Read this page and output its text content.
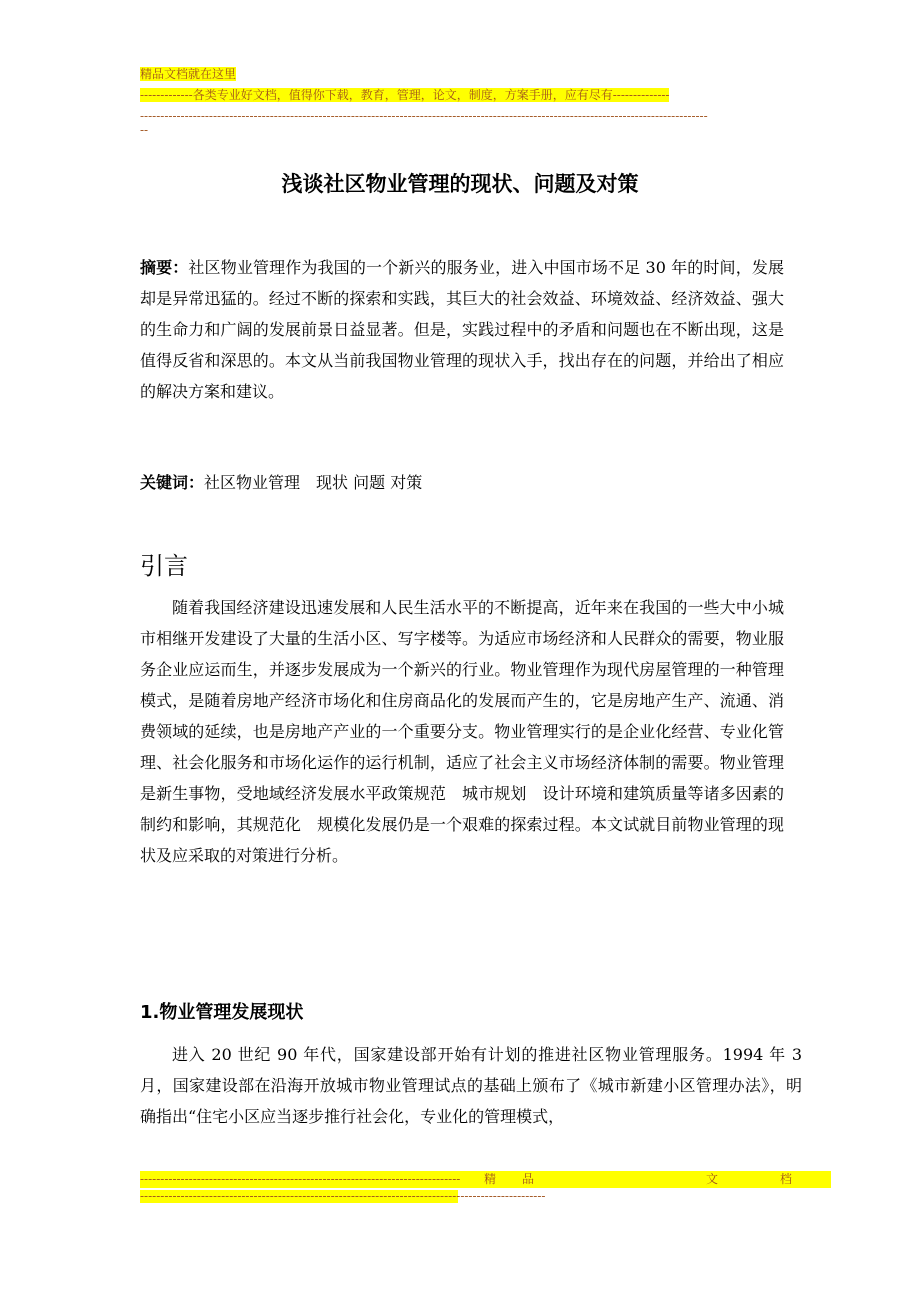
精品文档就在这里
-------------各类专业好文档，值得你下载，教育，管理，论文，制度，方案手册，应有尽有--------------
--------------------------------------------------------------------------------------------------------------------------------------------
--
浅谈社区物业管理的现状、问题及对策

摘要：社区物业管理作为我国的一个新兴的服务业，进入中国市场不足 30 年的时间，发展却是异常迅猛的。经过不断的探索和实践，其巨大的社会效益、环境效益、经济效益、强大的生命力和广阔的发展前景日益显著。但是，实践过程中的矛盾和问题也在不断出现，这是值得反省和深思的。本文从当前我国物业管理的现状入手，找出存在的问题，并给出了相应的解决方案和建议。

关键词：社区物业管理　现状 问题 对策

引言

随着我国经济建设迅速发展和人民生活水平的不断提高，近年来在我国的一些大中小城市相继开发建设了大量的生活小区、写字楼等。为适应市场经济和人民群众的需要，物业服务企业应运而生，并逐步发展成为一个新兴的行业。物业管理作为现代房屋管理的一种管理模式，是随着房地产经济市场化和住房商品化的发展而产生的，它是房地产生产、流通、消费领域的延续，也是房地产产业的一个重要分支。物业管理实行的是企业化经营、专业化管理、社会化服务和市场化运作的运行机制，适应了社会主义市场经济体制的需要。物业管理是新生事物，受地域经济发展水平政策规范　城市规划　设计环境和建筑质量等诸多因素的制约和影响，其规范化　规模化发展仍是一个艰难的探索过程。本文试就目前物业管理的现状及应采取的对策进行分析。

1.物业管理发展现状

进入 20 世纪 90 年代，国家建设部开始有计划的推进社区物业管理服务。1994 年 3 月，国家建设部在沿海开放城市物业管理试点的基础上颁布了《城市新建小区管理办法》，明确指出“住宅小区应当逐步推行社会化，专业化的管理模式，

------------------------------------------------------------------------------- 精 品	文	档
----------------------------------------------------------------------------------------------------
